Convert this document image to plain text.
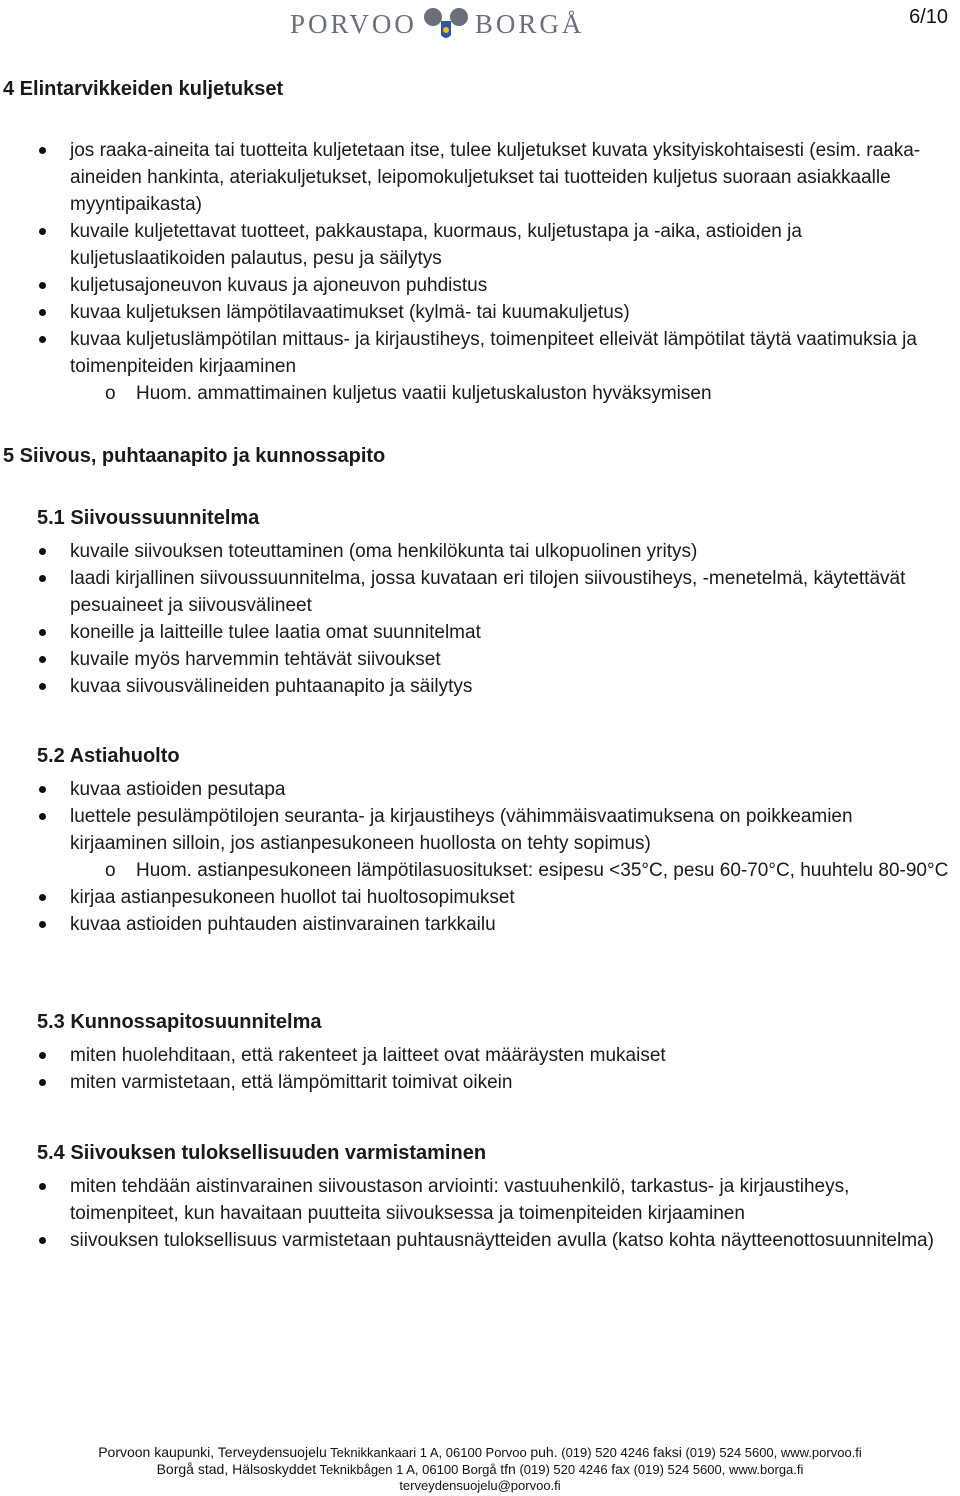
PORVOO BORGÅ	6/10
4 Elintarvikkeiden kuljetukset
jos raaka-aineita tai tuotteita kuljetetaan itse, tulee kuljetukset kuvata yksityiskohtaisesti (esim. raaka-aineiden hankinta, ateriakuljetukset, leipomokuljetukset tai tuotteiden kuljetus suoraan asiakkaalle myyntipaikasta)
kuvaile kuljetettavat tuotteet, pakkaustapa, kuormaus, kuljetustapa ja -aika, astioiden ja kuljetuslaatikoiden palautus, pesu ja säilytys
kuljetusajoneuvon kuvaus ja ajoneuvon puhdistus
kuvaa kuljetuksen lämpötilavaatimukset (kylmä- tai kuumakuljetus)
kuvaa kuljetuslämpötilan mittaus- ja kirjaustiheys, toimenpiteet elleivät lämpötilat täytä vaatimuksia ja toimenpiteiden kirjaaminen
o Huom. ammattimainen kuljetus vaatii kuljetuskaluston hyväksymisen
5 Siivous, puhtaanapito ja kunnossapito
5.1 Siivoussuunnitelma
kuvaile siivouksen toteuttaminen (oma henkilökunta tai ulkopuolinen yritys)
laadi kirjallinen siivoussuunnitelma, jossa kuvataan eri tilojen siivoustiheys, -menetelmä, käytettävät pesuaineet ja siivousvälineet
koneille ja laitteille tulee laatia omat suunnitelmat
kuvaile myös harvemmin tehtävät siivoukset
kuvaa siivousvälineiden puhtaanapito ja säilytys
5.2 Astiahuolto
kuvaa astioiden pesutapa
luettele pesulämpötilojen seuranta- ja kirjaustiheys (vähimmäisvaatimuksena on poikkeamien kirjaaminen silloin, jos astianpesukoneen huollosta on tehty sopimus)
o Huom. astianpesukoneen lämpötilasuositukset: esipesu <35°C, pesu 60-70°C, huuhtelu 80-90°C
kirjaa astianpesukoneen huollot tai huoltosopimukset
kuvaa astioiden puhtauden aistinvarainen tarkkailu
5.3 Kunnossapitosuunnitelma
miten huolehditaan, että rakenteet ja laitteet ovat määräysten mukaiset
miten varmistetaan, että lämpömittarit toimivat oikein
5.4 Siivouksen tuloksellisuuden varmistaminen
miten tehdään aistinvarainen siivoustason arviointi: vastuuhenkilö, tarkastus- ja kirjaustiheys, toimenpiteet, kun havaitaan puutteita siivouksessa ja toimenpiteiden kirjaaminen
siivouksen tuloksellisuus varmistetaan puhtausnäytteiden avulla (katso kohta näytteenottosuunnitelma)
Porvoon kaupunki, Terveydensuojelu Teknikkankaari 1 A, 06100 Porvoo puh. (019) 520 4246 faksi (019) 524 5600, www.porvoo.fi
Borgå stad, Hälsoskyddet Teknikbågen 1 A, 06100 Borgå tfn (019) 520 4246 fax (019) 524 5600, www.borga.fi
terveydensuojelu@porvoo.fi
